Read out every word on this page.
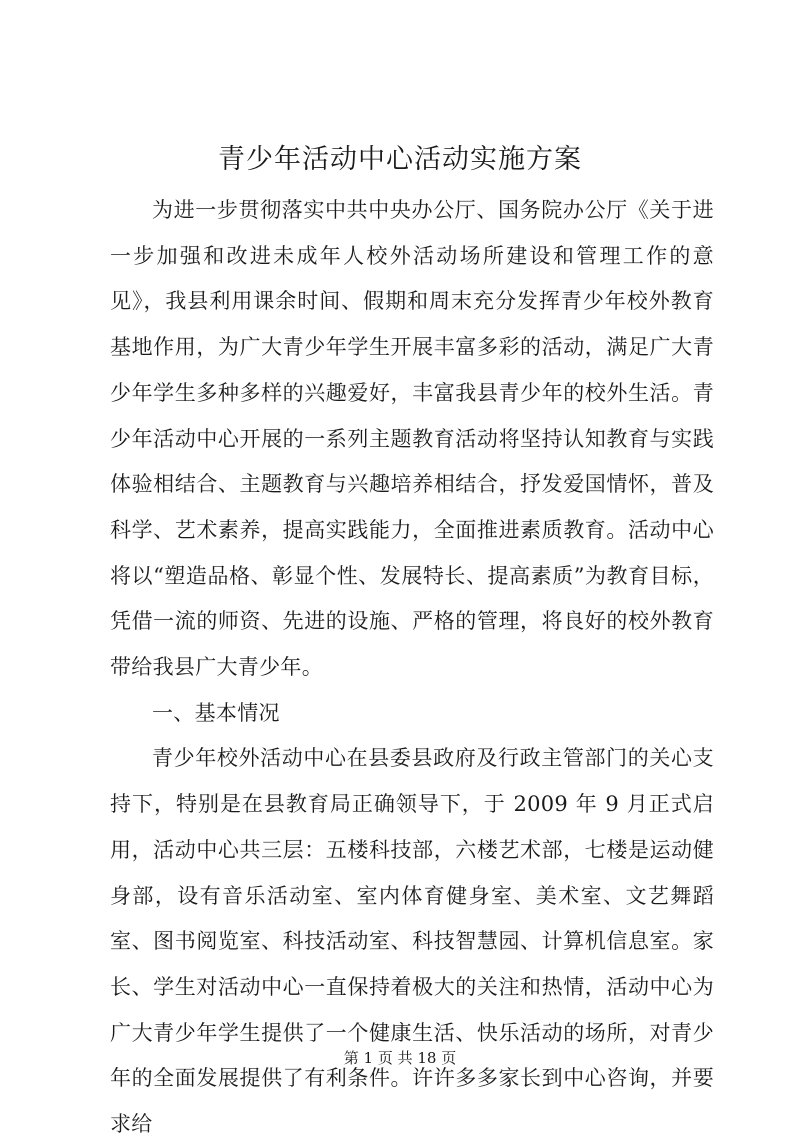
青少年活动中心活动实施方案

为进一步贯彻落实中共中央办公厅、国务院办公厅《关于进一步加强和改进未成年人校外活动场所建设和管理工作的意见》，我县利用课余时间、假期和周末充分发挥青少年校外教育基地作用，为广大青少年学生开展丰富多彩的活动，满足广大青少年学生多种多样的兴趣爱好，丰富我县青少年的校外生活。青少年活动中心开展的一系列主题教育活动将坚持认知教育与实践体验相结合、主题教育与兴趣培养相结合，抒发爱国情怀，普及科学、艺术素养，提高实践能力，全面推进素质教育。活动中心将以“塑造品格、彰显个性、发展特长、提高素质”为教育目标，凭借一流的师资、先进的设施、严格的管理，将良好的校外教育带给我县广大青少年。

一、基本情况

青少年校外活动中心在县委县政府及行政主管部门的关心支持下，特别是在县教育局正确领导下，于 2009 年 9 月正式启用，活动中心共三层：五楼科技部，六楼艺术部，七楼是运动健身部，设有音乐活动室、室内体育健身室、美术室、文艺舞蹈室、图书阅览室、科技活动室、科技智慧园、计算机信息室。家长、学生对活动中心一直保持着极大的关注和热情，活动中心为广大青少年学生提供了一个健康生活、快乐活动的场所，对青少年的全面发展提供了有利条件。许许多多家长到中心咨询，并要求给

第 1 页 共 18 页
